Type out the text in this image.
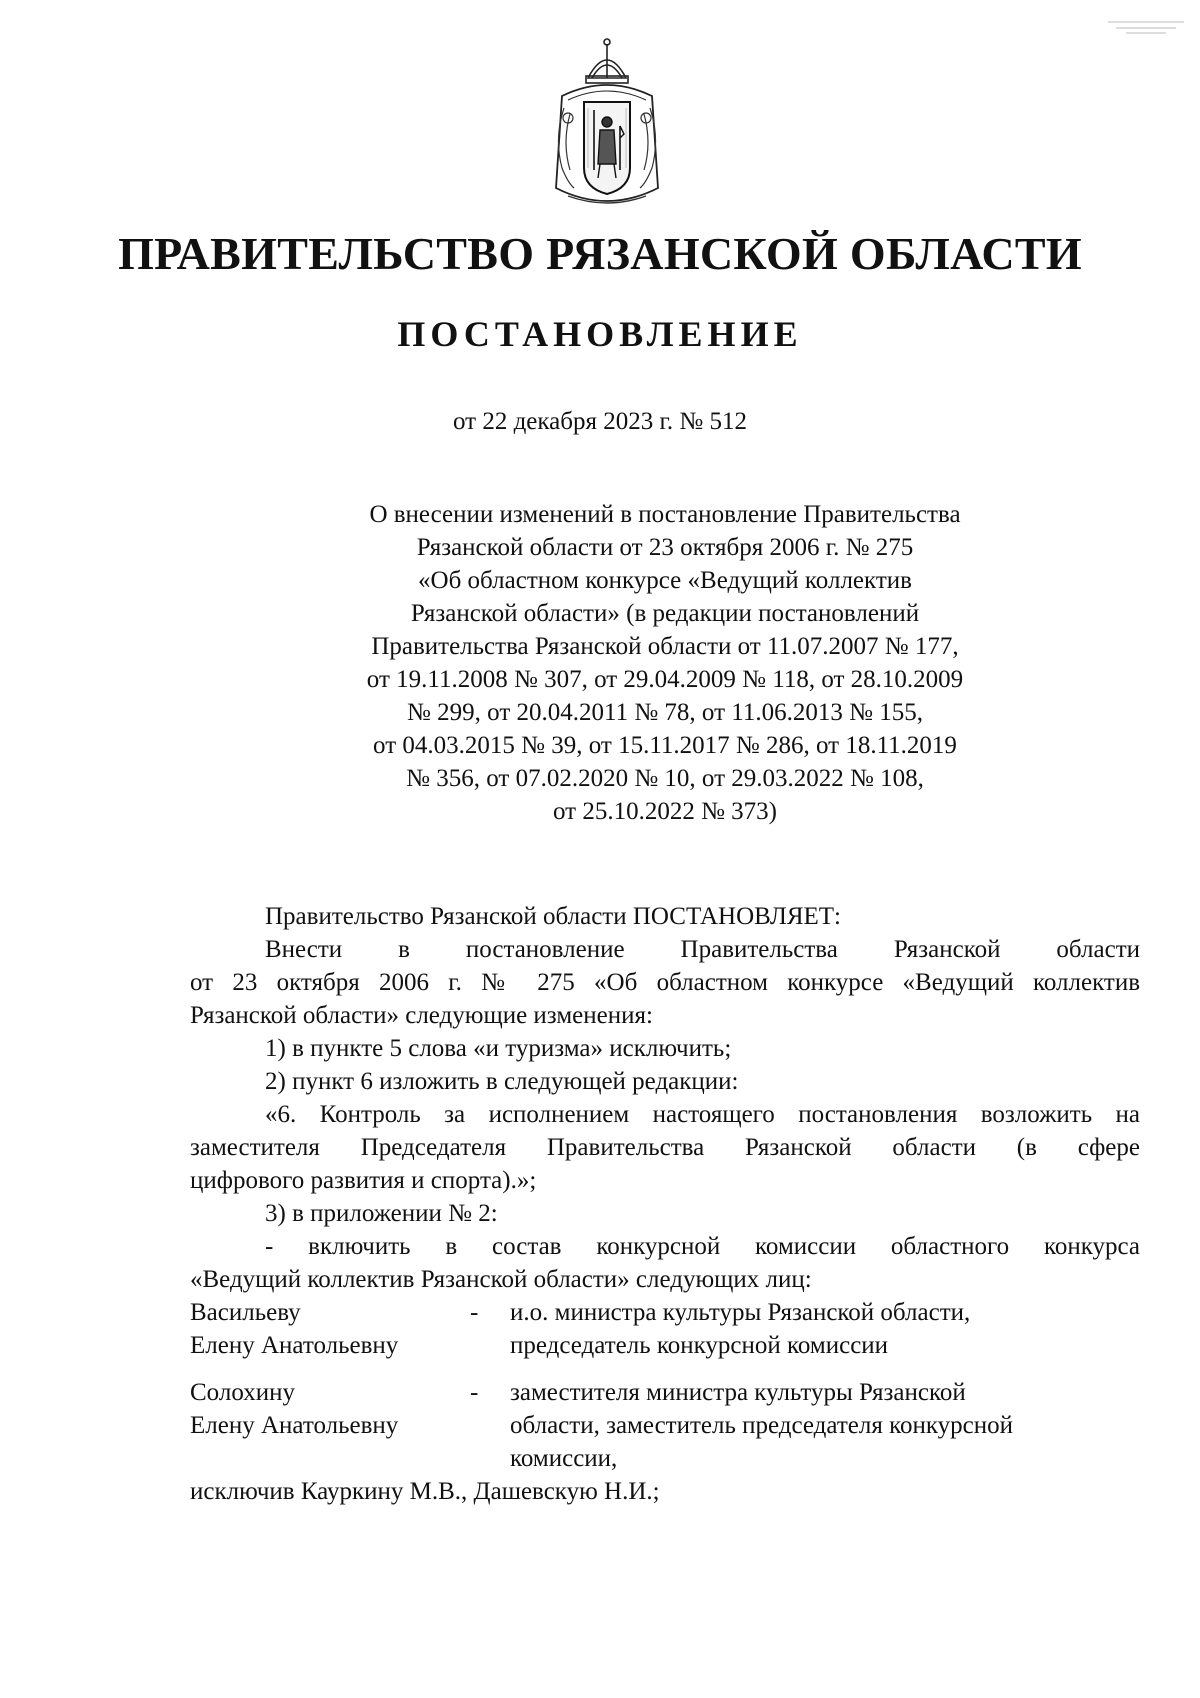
ПРАВИТЕЛЬСТВО РЯЗАНСКОЙ ОБЛАСТИ
ПОСТАНОВЛЕНИЕ
от 22 декабря 2023 г. № 512
О внесении изменений в постановление Правительства
Рязанской области от 23 октября 2006 г. № 275
«Об областном конкурсе «Ведущий коллектив
Рязанской области» (в редакции постановлений
Правительства Рязанской области от 11.07.2007 № 177,
от 19.11.2008 № 307, от 29.04.2009 № 118, от 28.10.2009
№ 299, от 20.04.2011 № 78, от 11.06.2013 № 155,
от 04.03.2015 № 39, от 15.11.2017 № 286, от 18.11.2019
№ 356, от 07.02.2020 № 10, от 29.03.2022 № 108,
от 25.10.2022 № 373)
Правительство Рязанской области ПОСТАНОВЛЯЕТ:
Внести в постановление Правительства Рязанской области
от 23 октября 2006 г. № 275 «Об областном конкурсе «Ведущий коллектив
Рязанской области» следующие изменения:
1) в пункте 5 слова «и туризма» исключить;
2) пункт 6 изложить в следующей редакции:
«6. Контроль за исполнением настоящего постановления возложить на
заместителя Председателя Правительства Рязанской области (в сфере
цифрового развития и спорта).»;
3) в приложении № 2:
- включить в состав конкурсной комиссии областного конкурса
«Ведущий коллектив Рязанской области» следующих лиц:
Васильеву
Елену Анатольевну
-	и.о. министра культуры Рязанской области,
председатель конкурсной комиссии
Солохину
Елену Анатольевну
-	заместителя министра культуры Рязанской
области, заместитель председателя конкурсной
комиссии,
исключив Кауркину М.В., Дашевскую Н.И.;
